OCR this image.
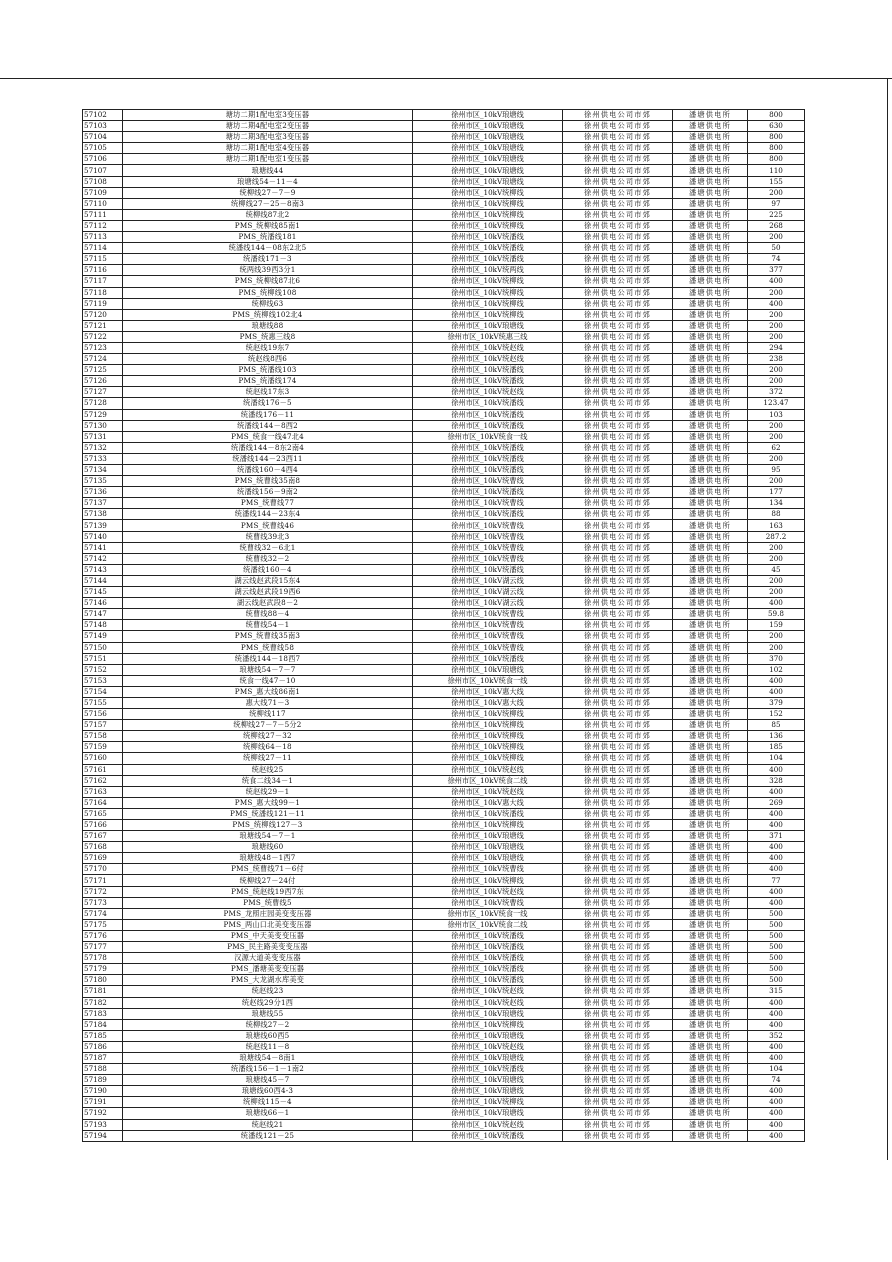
57102	塘坊二期1配电室3变压器	徐州市区_10kV琅塘线	徐州供电公司市郊	潘塘供电所	800
57103	塘坊二期4配电室2变压器	徐州市区_10kV琅塘线	徐州供电公司市郊	潘塘供电所	630
57104	塘坊二期3配电室3变压器	徐州市区_10kV琅塘线	徐州供电公司市郊	潘塘供电所	800
57105	塘坊二期1配电室4变压器	徐州市区_10kV琅塘线	徐州供电公司市郊	潘塘供电所	800
57106	塘坊二期1配电室1变压器	徐州市区_10kV琅塘线	徐州供电公司市郊	潘塘供电所	800
57107	琅塘线44	徐州市区_10kV琅塘线	徐州供电公司市郊	潘塘供电所	110
57108	琅塘线54－11－4	徐州市区_10kV琅塘线	徐州供电公司市郊	潘塘供电所	155
57109	统柳线27－7－9	徐州市区_10kV统柳线	徐州供电公司市郊	潘塘供电所	200
57110	统柳线27－25－8南3	徐州市区_10kV统柳线	徐州供电公司市郊	潘塘供电所	97
57111	统柳线87北2	徐州市区_10kV统柳线	徐州供电公司市郊	潘塘供电所	225
57112	PMS_统柳线85南1	徐州市区_10kV统柳线	徐州供电公司市郊	潘塘供电所	268
57113	PMS_统潘线181	徐州市区_10kV统潘线	徐州供电公司市郊	潘塘供电所	200
57114	统潘线144－08东2北5	徐州市区_10kV统潘线	徐州供电公司市郊	潘塘供电所	50
57115	统潘线171－3	徐州市区_10kV统潘线	徐州供电公司市郊	潘塘供电所	74
57116	统两线39西3分1	徐州市区_10kV统两线	徐州供电公司市郊	潘塘供电所	377
57117	PMS_统柳线87北6	徐州市区_10kV统柳线	徐州供电公司市郊	潘塘供电所	400
57118	PMS_统柳线108	徐州市区_10kV统柳线	徐州供电公司市郊	潘塘供电所	200
57119	统柳线63	徐州市区_10kV统柳线	徐州供电公司市郊	潘塘供电所	400
57120	PMS_统柳线102北4	徐州市区_10kV统柳线	徐州供电公司市郊	潘塘供电所	200
57121	琅塘线88	徐州市区_10kV琅塘线	徐州供电公司市郊	潘塘供电所	200
57122	PMS_统惠三线8	徐州市区_10kV统惠三线	徐州供电公司市郊	潘塘供电所	200
57123	统赵线19东7	徐州市区_10kV统赵线	徐州供电公司市郊	潘塘供电所	294
57124	统赵线8西6	徐州市区_10kV统赵线	徐州供电公司市郊	潘塘供电所	238
57125	PMS_统潘线103	徐州市区_10kV统潘线	徐州供电公司市郊	潘塘供电所	200
57126	PMS_统潘线174	徐州市区_10kV统潘线	徐州供电公司市郊	潘塘供电所	200
57127	统赵线17东3	徐州市区_10kV统赵线	徐州供电公司市郊	潘塘供电所	372
57128	统潘线176－5	徐州市区_10kV统潘线	徐州供电公司市郊	潘塘供电所	123.47
57129	统潘线176－11	徐州市区_10kV统潘线	徐州供电公司市郊	潘塘供电所	103
57130	统潘线144－8西2	徐州市区_10kV统潘线	徐州供电公司市郊	潘塘供电所	200
57131	PMS_统食一线47北4	徐州市区_10kV统食一线	徐州供电公司市郊	潘塘供电所	200
57132	统潘线144－8东2南4	徐州市区_10kV统潘线	徐州供电公司市郊	潘塘供电所	62
57133	统潘线144－23西11	徐州市区_10kV统潘线	徐州供电公司市郊	潘塘供电所	200
57134	统潘线160－4西4	徐州市区_10kV统潘线	徐州供电公司市郊	潘塘供电所	95
57135	PMS_统曹线35南8	徐州市区_10kV统曹线	徐州供电公司市郊	潘塘供电所	200
57136	统潘线156－9南2	徐州市区_10kV统潘线	徐州供电公司市郊	潘塘供电所	177
57137	PMS_统曹线77	徐州市区_10kV统曹线	徐州供电公司市郊	潘塘供电所	134
57138	统潘线144－23东4	徐州市区_10kV统潘线	徐州供电公司市郊	潘塘供电所	88
57139	PMS_统曹线46	徐州市区_10kV统曹线	徐州供电公司市郊	潘塘供电所	163
57140	统曹线39北3	徐州市区_10kV统曹线	徐州供电公司市郊	潘塘供电所	287.2
57141	统曹线32－6北1	徐州市区_10kV统曹线	徐州供电公司市郊	潘塘供电所	200
57142	统曹线32－2	徐州市区_10kV统曹线	徐州供电公司市郊	潘塘供电所	200
57143	统潘线160－4	徐州市区_10kV统潘线	徐州供电公司市郊	潘塘供电所	45
57144	湖云线赵武段15东4	徐州市区_10kV湖云线	徐州供电公司市郊	潘塘供电所	200
57145	湖云线赵武段19西6	徐州市区_10kV湖云线	徐州供电公司市郊	潘塘供电所	200
57146	湖云线赵武段8－2	徐州市区_10kV湖云线	徐州供电公司市郊	潘塘供电所	400
57147	统曹线88－4	徐州市区_10kV统曹线	徐州供电公司市郊	潘塘供电所	59.8
57148	统曹线54－1	徐州市区_10kV统曹线	徐州供电公司市郊	潘塘供电所	159
57149	PMS_统曹线35南3	徐州市区_10kV统曹线	徐州供电公司市郊	潘塘供电所	200
57150	PMS_统曹线58	徐州市区_10kV统曹线	徐州供电公司市郊	潘塘供电所	200
57151	统潘线144－18西7	徐州市区_10kV统潘线	徐州供电公司市郊	潘塘供电所	370
57152	琅塘线54－7－7	徐州市区_10kV琅塘线	徐州供电公司市郊	潘塘供电所	102
57153	统食一线47－10	徐州市区_10kV统食一线	徐州供电公司市郊	潘塘供电所	400
57154	PMS_惠大线86南1	徐州市区_10kV惠大线	徐州供电公司市郊	潘塘供电所	400
57155	惠大线71－3	徐州市区_10kV惠大线	徐州供电公司市郊	潘塘供电所	379
57156	统柳线117	徐州市区_10kV统柳线	徐州供电公司市郊	潘塘供电所	152
57157	统柳线27－7－5分2	徐州市区_10kV统柳线	徐州供电公司市郊	潘塘供电所	85
57158	统柳线27－32	徐州市区_10kV统柳线	徐州供电公司市郊	潘塘供电所	136
57159	统柳线64－18	徐州市区_10kV统柳线	徐州供电公司市郊	潘塘供电所	185
57160	统柳线27－11	徐州市区_10kV统柳线	徐州供电公司市郊	潘塘供电所	104
57161	统赵线25	徐州市区_10kV统赵线	徐州供电公司市郊	潘塘供电所	400
57162	统食二线34－1	徐州市区_10kV统食二线	徐州供电公司市郊	潘塘供电所	328
57163	统赵线29－1	徐州市区_10kV统赵线	徐州供电公司市郊	潘塘供电所	400
57164	PMS_惠大线99－1	徐州市区_10kV惠大线	徐州供电公司市郊	潘塘供电所	269
57165	PMS_统潘线121－11	徐州市区_10kV统潘线	徐州供电公司市郊	潘塘供电所	400
57166	PMS_统柳线127－3	徐州市区_10kV统柳线	徐州供电公司市郊	潘塘供电所	400
57167	琅塘线54－7－1	徐州市区_10kV琅塘线	徐州供电公司市郊	潘塘供电所	371
57168	琅塘线60	徐州市区_10kV琅塘线	徐州供电公司市郊	潘塘供电所	400
57169	琅塘线48－1西7	徐州市区_10kV琅塘线	徐州供电公司市郊	潘塘供电所	400
57170	PMS_统曹线71－6付	徐州市区_10kV统曹线	徐州供电公司市郊	潘塘供电所	400
57171	统柳线27－24付	徐州市区_10kV统柳线	徐州供电公司市郊	潘塘供电所	77
57172	PMS_统赵线19西7东	徐州市区_10kV统赵线	徐州供电公司市郊	潘塘供电所	400
57173	PMS_统曹线5	徐州市区_10kV统曹线	徐州供电公司市郊	潘塘供电所	400
57174	PMS_龙照庄园美变变压器	徐州市区_10kV统食一线	徐州供电公司市郊	潘塘供电所	500
57175	PMS_两山口北美变变压器	徐州市区_10kV统食二线	徐州供电公司市郊	潘塘供电所	500
57176	PMS_中天美变变压器	徐州市区_10kV统潘线	徐州供电公司市郊	潘塘供电所	500
57177	PMS_民主路美变变压器	徐州市区_10kV统潘线	徐州供电公司市郊	潘塘供电所	500
57178	汉源大道美变变压器	徐州市区_10kV统潘线	徐州供电公司市郊	潘塘供电所	500
57179	PMS_潘塘美变变压器	徐州市区_10kV统潘线	徐州供电公司市郊	潘塘供电所	500
57180	PMS_大龙湖水库美变	徐州市区_10kV统潘线	徐州供电公司市郊	潘塘供电所	500
57181	统赵线23	徐州市区_10kV统赵线	徐州供电公司市郊	潘塘供电所	315
57182	统赵线29分1西	徐州市区_10kV统赵线	徐州供电公司市郊	潘塘供电所	400
57183	琅塘线55	徐州市区_10kV琅塘线	徐州供电公司市郊	潘塘供电所	400
57184	统柳线27－2	徐州市区_10kV统柳线	徐州供电公司市郊	潘塘供电所	400
57185	琅塘线60西5	徐州市区_10kV琅塘线	徐州供电公司市郊	潘塘供电所	352
57186	统赵线11－8	徐州市区_10kV统赵线	徐州供电公司市郊	潘塘供电所	400
57187	琅塘线54－8南1	徐州市区_10kV琅塘线	徐州供电公司市郊	潘塘供电所	400
57188	统潘线156－1－1南2	徐州市区_10kV统潘线	徐州供电公司市郊	潘塘供电所	104
57189	琅塘线45－7	徐州市区_10kV琅塘线	徐州供电公司市郊	潘塘供电所	74
57190	琅塘线60西4-3	徐州市区_10kV琅塘线	徐州供电公司市郊	潘塘供电所	400
57191	统柳线115－4	徐州市区_10kV统柳线	徐州供电公司市郊	潘塘供电所	400
57192	琅塘线66－1	徐州市区_10kV琅塘线	徐州供电公司市郊	潘塘供电所	400
57193	统赵线21	徐州市区_10kV统赵线	徐州供电公司市郊	潘塘供电所	400
57194	统潘线121－25	徐州市区_10kV统潘线	徐州供电公司市郊	潘塘供电所	400
